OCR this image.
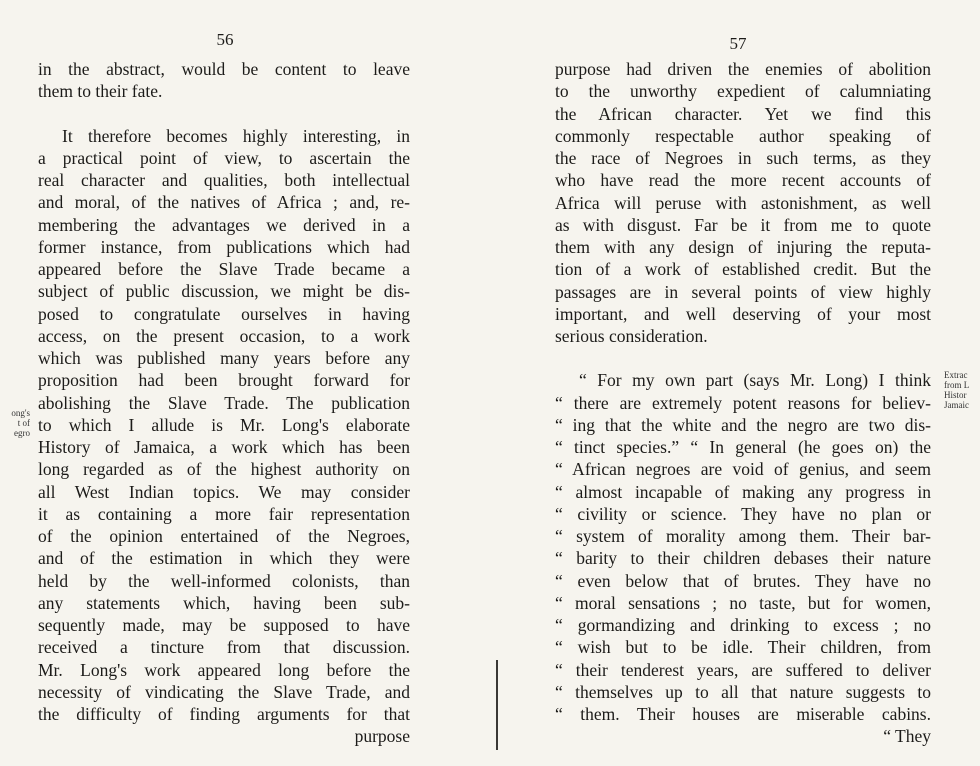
56
ong's
t of
egro
in the abstract, would be content to leave
them to their fate.
It therefore becomes highly interesting, in
a practical point of view, to ascertain the
real character and qualities, both intellectual
and moral, of the natives of Africa ; and, re-
membering the advantages we derived in a
former instance, from publications which had
appeared before the Slave Trade became a
subject of public discussion, we might be dis-
posed to congratulate ourselves in having
access, on the present occasion, to a work
which was published many years before any
proposition had been brought forward for
abolishing the Slave Trade. The publication
to which I allude is Mr. Long's elaborate
History of Jamaica, a work which has been
long regarded as of the highest authority on
all West Indian topics. We may consider
it as containing a more fair representation
of the opinion entertained of the Negroes,
and of the estimation in which they were
held by the well-informed colonists, than
any statements which, having been sub-
sequently made, may be supposed to have
received a tincture from that discussion.
Mr. Long's work appeared long before the
necessity of vindicating the Slave Trade, and
the difficulty of finding arguments for that
purpose
57
Extrac
from L
Histor
Jamaic
purpose had driven the enemies of abolition
to the unworthy expedient of calumniating
the African character. Yet we find this
commonly respectable author speaking of
the race of Negroes in such terms, as they
who have read the more recent accounts of
Africa will peruse with astonishment, as well
as with disgust. Far be it from me to quote
them with any design of injuring the reputa-
tion of a work of established credit. But the
passages are in several points of view highly
important, and well deserving of your most
serious consideration.
“ For my own part (says Mr. Long) I think
“ there are extremely potent reasons for believ-
“ ing that the white and the negro are two dis-
“ tinct species.” “ In general (he goes on) the
“ African negroes are void of genius, and seem
“ almost incapable of making any progress in
“ civility or science. They have no plan or
“ system of morality among them. Their bar-
“ barity to their children debases their nature
“ even below that of brutes. They have no
“ moral sensations ; no taste, but for women,
“ gormandizing and drinking to excess ; no
“ wish but to be idle. Their children, from
“ their tenderest years, are suffered to deliver
“ themselves up to all that nature suggests to
“ them. Their houses are miserable cabins.
“ They
